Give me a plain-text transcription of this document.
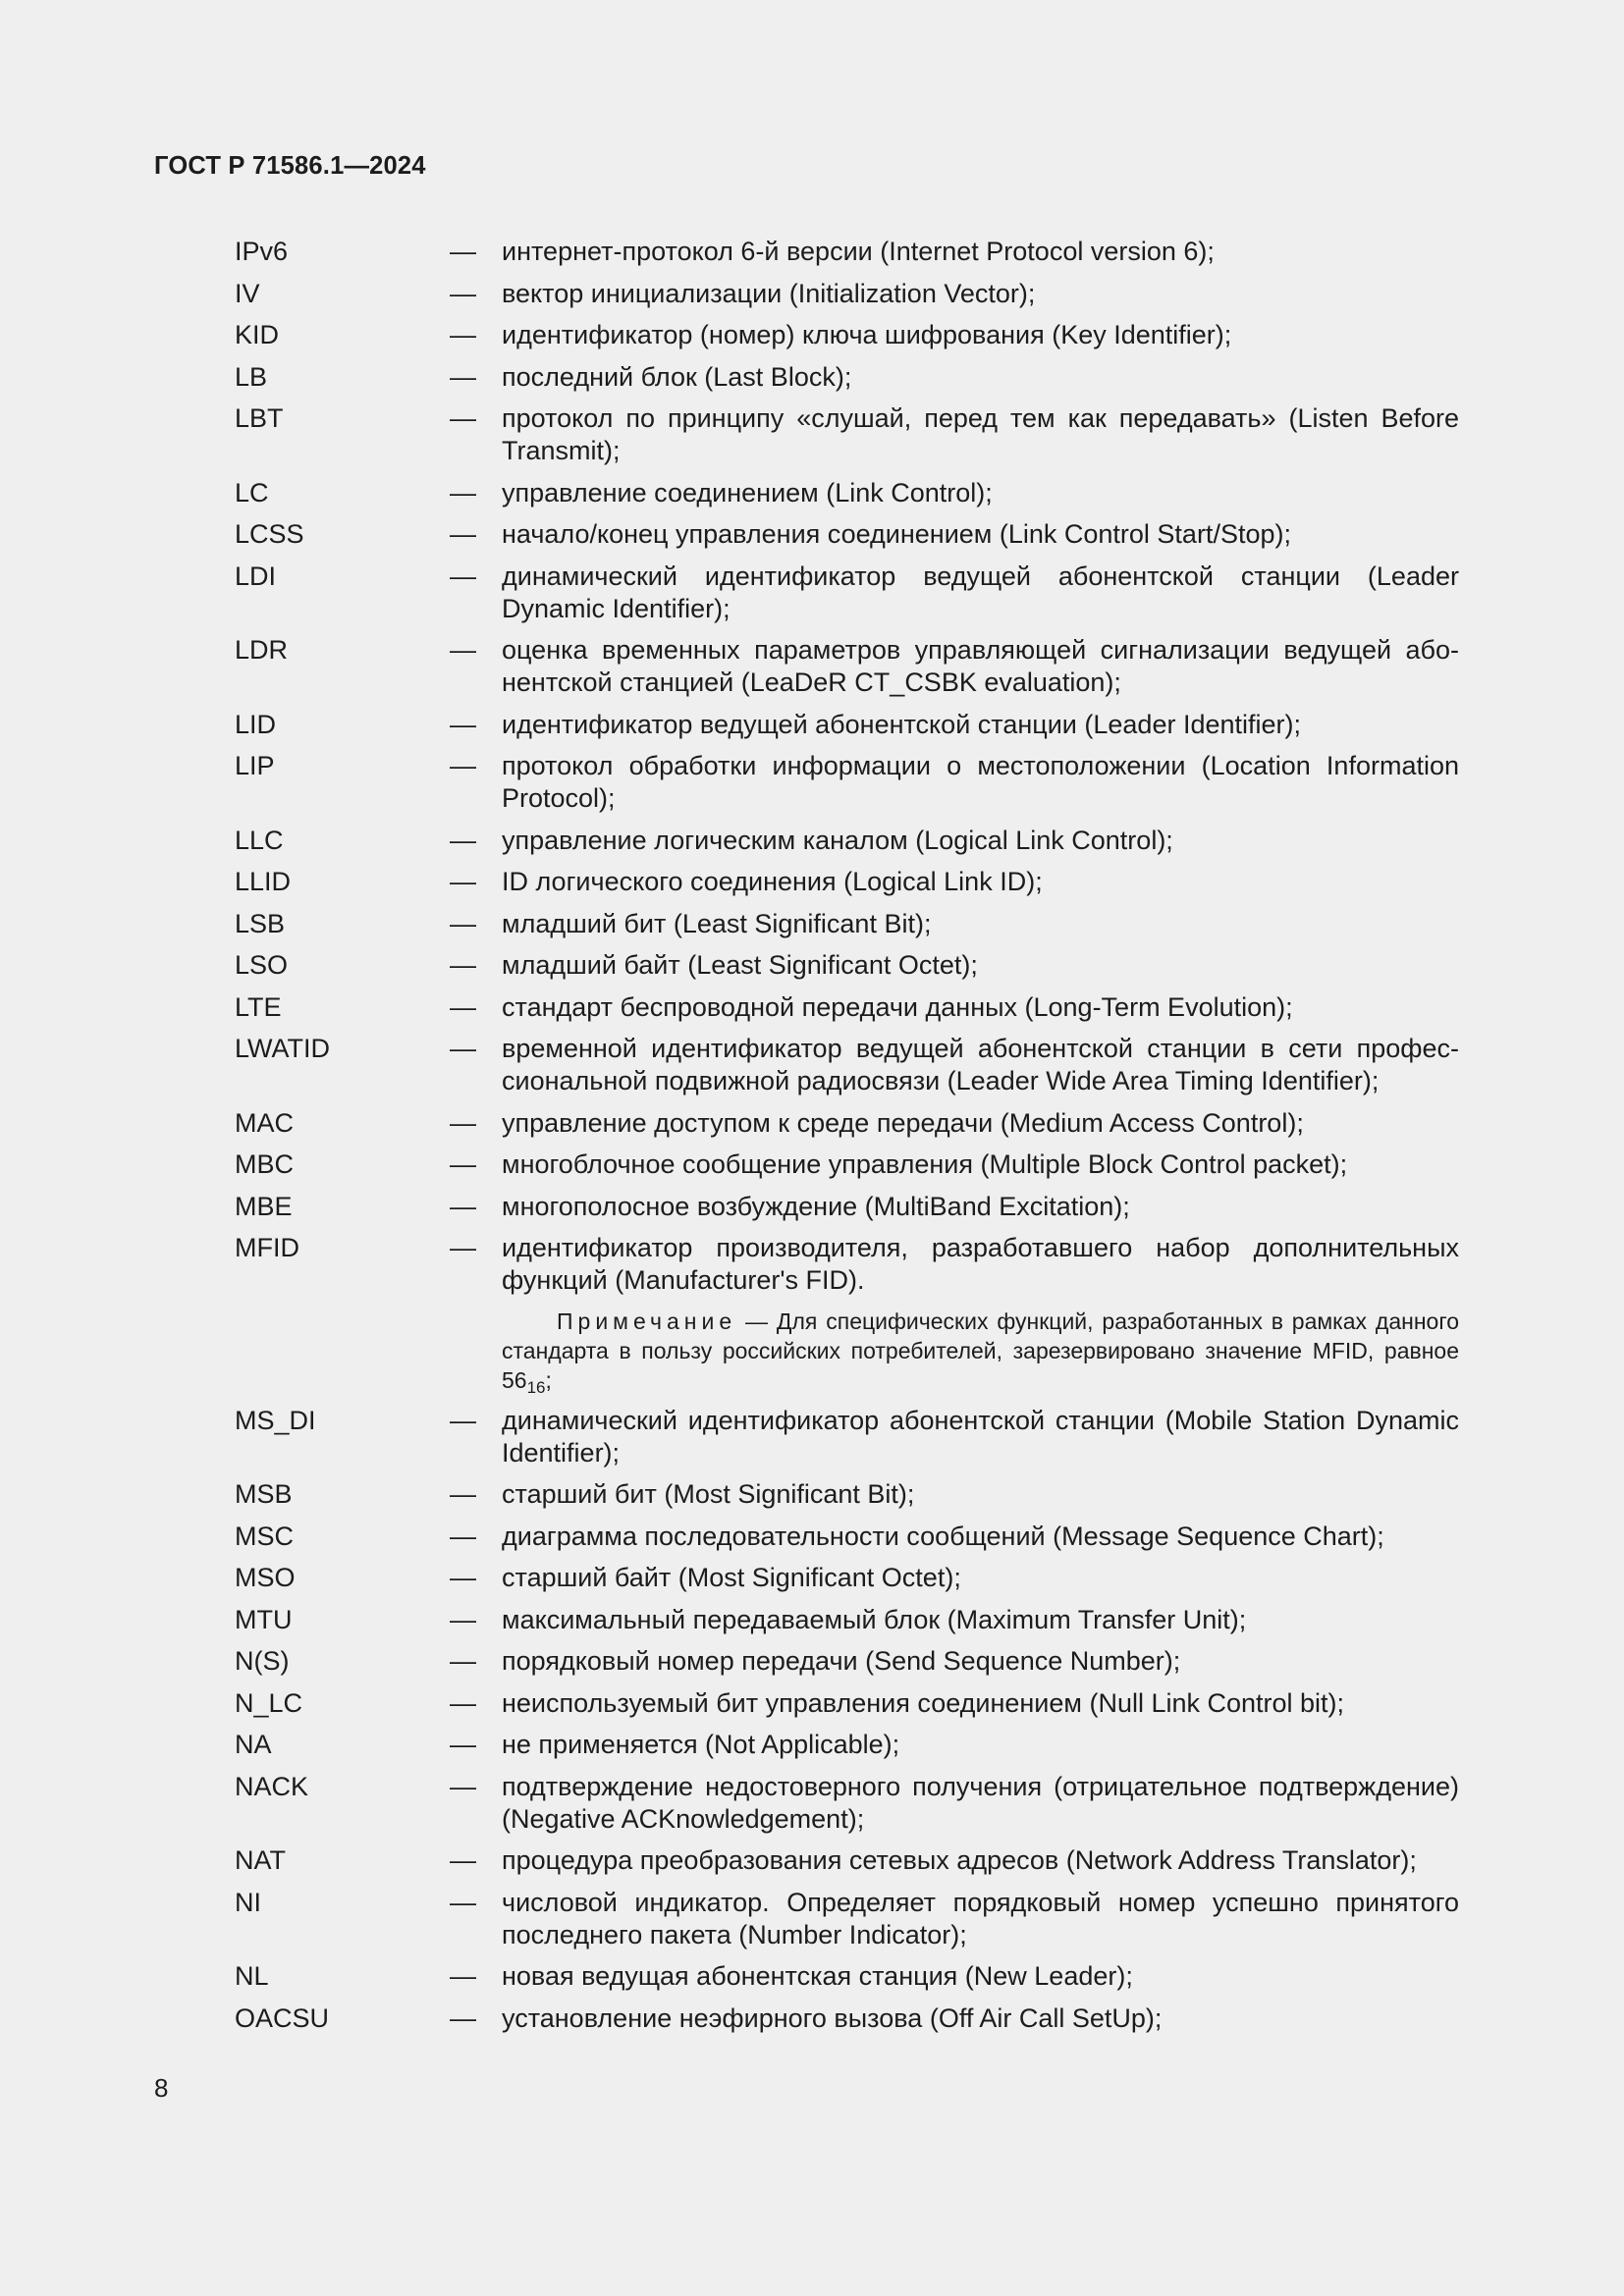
ГОСТ Р 71586.1—2024
IPv6	— интернет-протокол 6-й версии (Internet Protocol version 6);
IV	— вектор инициализации (Initialization Vector);
KID	— идентификатор (номер) ключа шифрования (Key Identifier);
LB	— последний блок (Last Block);
LBT	— протокол по принципу «слушай, перед тем как передавать» (Listen Before Transmit);
LC	— управление соединением (Link Control);
LCSS	— начало/конец управления соединением (Link Control Start/Stop);
LDI	— динамический идентификатор ведущей абонентской станции (Leader Dynamic Identifier);
LDR	— оценка временных параметров управляющей сигнализации ведущей абонентской станцией (LeaDeR CT_CSBK evaluation);
LID	— идентификатор ведущей абонентской станции (Leader Identifier);
LIP	— протокол обработки информации о местоположении (Location Information Protocol);
LLC	— управление логическим каналом (Logical Link Control);
LLID	— ID логического соединения (Logical Link ID);
LSB	— младший бит (Least Significant Bit);
LSO	— младший байт (Least Significant Octet);
LTE	— стандарт беспроводной передачи данных (Long-Term Evolution);
LWATID	— временной идентификатор ведущей абонентской станции в сети профессиональной подвижной радиосвязи (Leader Wide Area Timing Identifier);
MAC	— управление доступом к среде передачи (Medium Access Control);
MBC	— многоблочное сообщение управления (Multiple Block Control packet);
MBE	— многополосное возбуждение (MultiBand Excitation);
MFID	— идентификатор производителя, разработавшего набор дополнительных функций (Manufacturer's FID).
Примечание — Для специфических функций, разработанных в рамках данного стандарта в пользу российских потребителей, зарезервировано значение MFID, равное $56_{16}$;
MS_DI	— динамический идентификатор абонентской станции (Mobile Station Dynamic Identifier);
MSB	— старший бит (Most Significant Bit);
MSC	— диаграмма последовательности сообщений (Message Sequence Chart);
MSO	— старший байт (Most Significant Octet);
MTU	— максимальный передаваемый блок (Maximum Transfer Unit);
N(S)	— порядковый номер передачи (Send Sequence Number);
N_LC	— неиспользуемый бит управления соединением (Null Link Control bit);
NA	— не применяется (Not Applicable);
NACK	— подтверждение недостоверного получения (отрицательное подтверждение) (Negative ACKnowledgement);
NAT	— процедура преобразования сетевых адресов (Network Address Translator);
NI	— числовой индикатор. Определяет порядковый номер успешно принятого последнего пакета (Number Indicator);
NL	— новая ведущая абонентская станция (New Leader);
OACSU	— установление неэфирного вызова (Off Air Call SetUp);
8
